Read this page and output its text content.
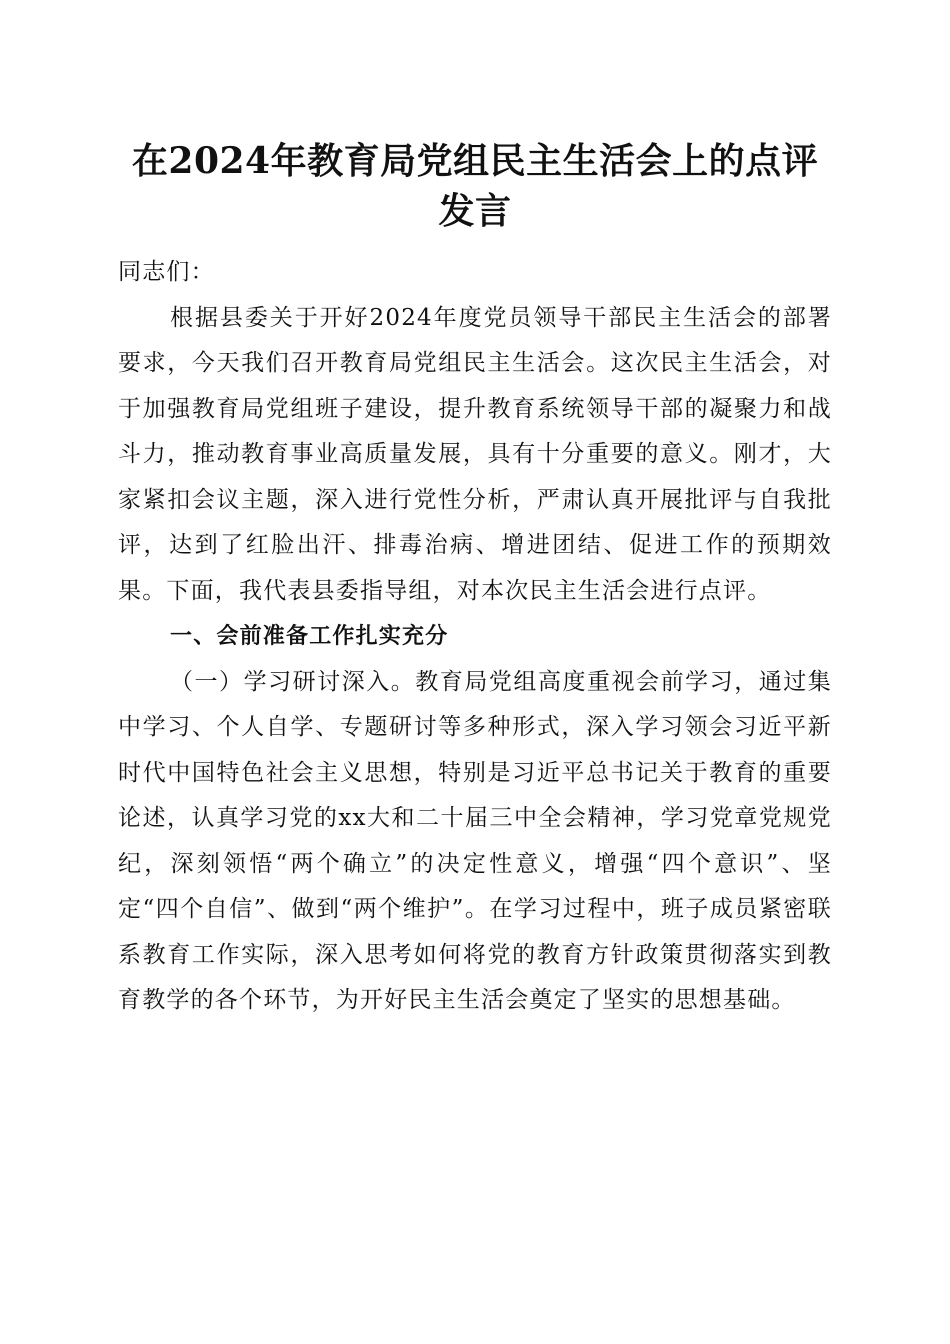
在2024年教育局党组民主生活会上的点评发言

同志们：

根据县委关于开好2024年度党员领导干部民主生活会的部署要求，今天我们召开教育局党组民主生活会。这次民主生活会，对于加强教育局党组班子建设，提升教育系统领导干部的凝聚力和战斗力，推动教育事业高质量发展，具有十分重要的意义。刚才，大家紧扣会议主题，深入进行党性分析，严肃认真开展批评与自我批评，达到了红脸出汗、排毒治病、增进团结、促进工作的预期效果。下面，我代表县委指导组，对本次民主生活会进行点评。

一、会前准备工作扎实充分

（一）学习研讨深入。教育局党组高度重视会前学习，通过集中学习、个人自学、专题研讨等多种形式，深入学习领会习近平新时代中国特色社会主义思想，特别是习近平总书记关于教育的重要论述，认真学习党的xx大和二十届三中全会精神，学习党章党规党纪，深刻领悟“两个确立”的决定性意义，增强“四个意识”、坚定“四个自信”、做到“两个维护”。在学习过程中，班子成员紧密联系教育工作实际，深入思考如何将党的教育方针政策贯彻落实到教育教学的各个环节，为开好民主生活会奠定了坚实的思想基础。
